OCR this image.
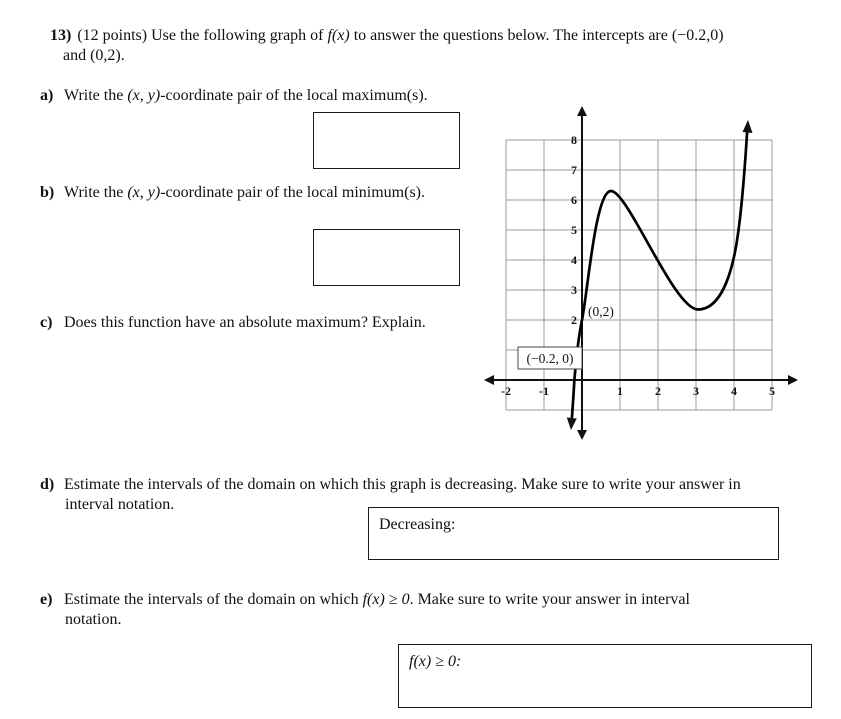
13) (12 points) Use the following graph of f(x) to answer the questions below. The intercepts are (−0.2,0)
and (0,2).
a) Write the (x, y)-coordinate pair of the local maximum(s).
b) Write the (x, y)-coordinate pair of the local minimum(s).
c) Does this function have an absolute maximum? Explain.
8
7
6
5
4
3
2
-2 -1	1	2	3	4	5
(0,2)
(−0.2, 0)
d) Estimate the intervals of the domain on which this graph is decreasing. Make sure to write your answer in
interval notation.
Decreasing:
e) Estimate the intervals of the domain on which f(x) ≥ 0. Make sure to write your answer in interval
notation.
f(x) ≥ 0:
